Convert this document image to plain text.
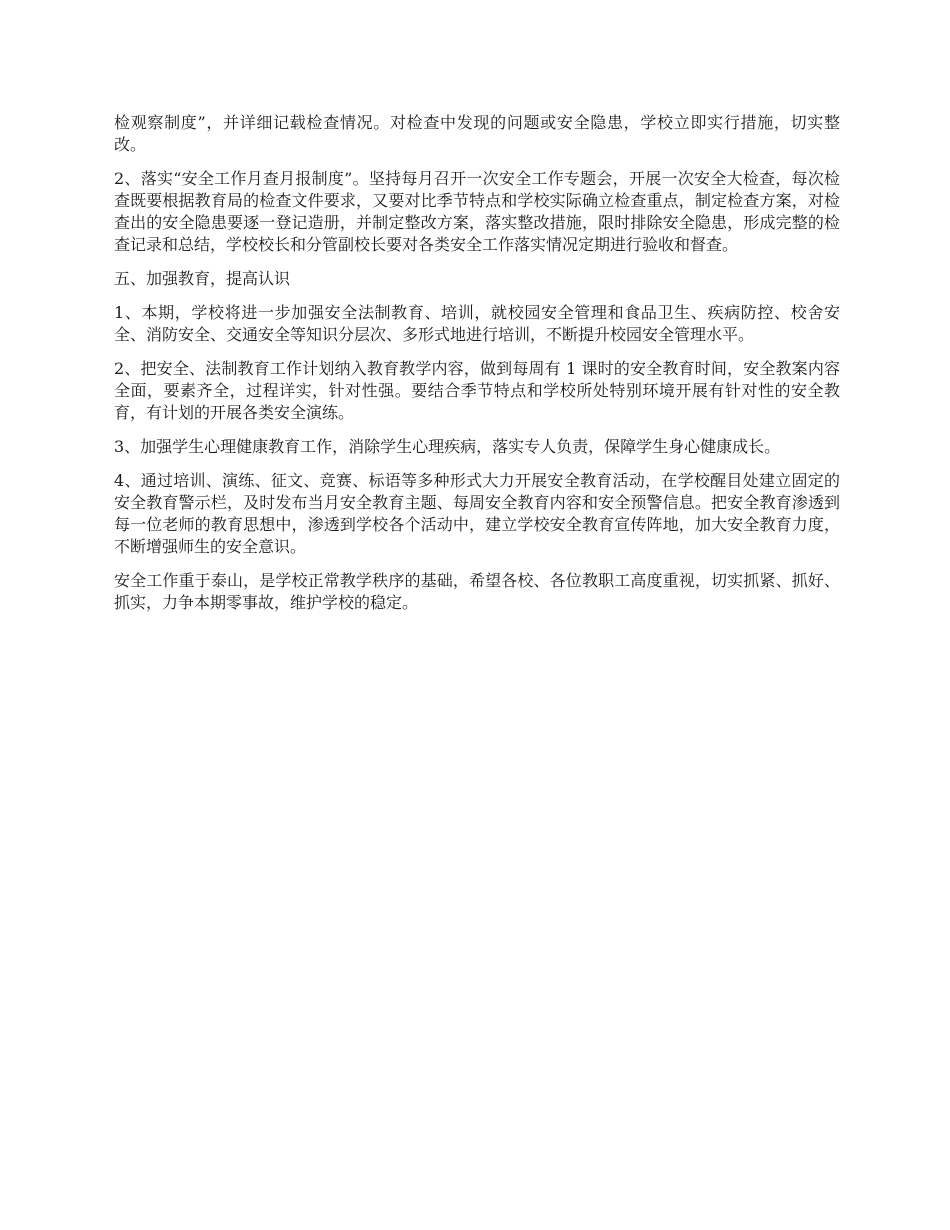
检观察制度”，并详细记载检查情况。对检查中发现的问题或安全隐患，学校立即实行措施，切实整改。

2、落实“安全工作月查月报制度”。坚持每月召开一次安全工作专题会，开展一次安全大检查，每次检查既要根据教育局的检查文件要求，又要对比季节特点和学校实际确立检查重点，制定检查方案，对检查出的安全隐患要逐一登记造册，并制定整改方案，落实整改措施，限时排除安全隐患，形成完整的检查记录和总结，学校校长和分管副校长要对各类安全工作落实情况定期进行验收和督查。

五、加强教育，提高认识

1、本期，学校将进一步加强安全法制教育、培训，就校园安全管理和食品卫生、疾病防控、校舍安全、消防安全、交通安全等知识分层次、多形式地进行培训，不断提升校园安全管理水平。

2、把安全、法制教育工作计划纳入教育教学内容，做到每周有 1 课时的安全教育时间，安全教案内容全面，要素齐全，过程详实，针对性强。要结合季节特点和学校所处特别环境开展有针对性的安全教育，有计划的开展各类安全演练。

3、加强学生心理健康教育工作，消除学生心理疾病，落实专人负责，保障学生身心健康成长。

4、通过培训、演练、征文、竞赛、标语等多种形式大力开展安全教育活动，在学校醒目处建立固定的安全教育警示栏，及时发布当月安全教育主题、每周安全教育内容和安全预警信息。把安全教育渗透到每一位老师的教育思想中，渗透到学校各个活动中，建立学校安全教育宣传阵地，加大安全教育力度，不断增强师生的安全意识。

安全工作重于泰山，是学校正常教学秩序的基础，希望各校、各位教职工高度重视，切实抓紧、抓好、抓实，力争本期零事故，维护学校的稳定。
